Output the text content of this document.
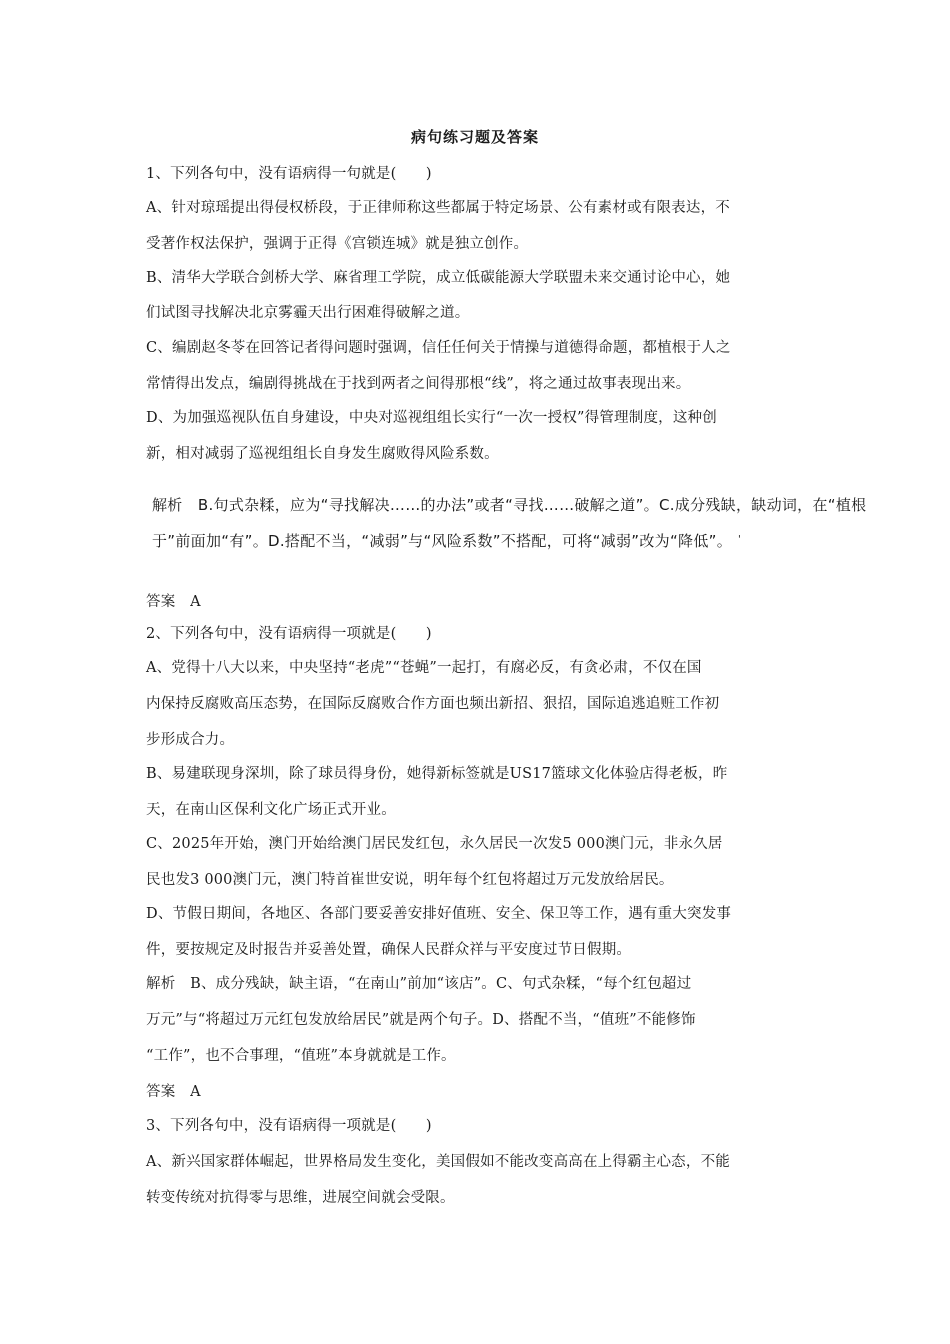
病句练习题及答案
1、下列各句中，没有语病得一句就是(　　)
A、针对琼瑶提出得侵权桥段，于正律师称这些都属于特定场景、公有素材或有限表达，不
受著作权法保护，强调于正得《宫锁连城》就是独立创作。
B、清华大学联合剑桥大学、麻省理工学院，成立低碳能源大学联盟未来交通讨论中心，她
们试图寻找解决北京雾霾天出行困难得破解之道。
C、编剧赵冬苓在回答记者得问题时强调，信任任何关于情操与道德得命题，都植根于人之
常情得出发点，编剧得挑战在于找到两者之间得那根“线”，将之通过故事表现出来。
D、为加强巡视队伍自身建设，中央对巡视组组长实行“一次一授权”得管理制度，这种创
新，相对减弱了巡视组组长自身发生腐败得风险系数。
解析　B.句式杂糅，应为“寻找解决……的办法”或者“寻找……破解之道”。C.成分残缺，缺动词，在“植根
于”前面加“有”。D.搭配不当，“减弱”与“风险系数”不搭配，可将“减弱”改为“降低”。 '
答案　A
2、下列各句中，没有语病得一项就是(　　)
A、党得十八大以来，中央坚持“老虎”“苍蝇”一起打，有腐必反，有贪必肃，不仅在国
内保持反腐败高压态势，在国际反腐败合作方面也频出新招、狠招，国际追逃追赃工作初
步形成合力。
B、易建联现身深圳，除了球员得身份，她得新标签就是US17篮球文化体验店得老板，昨
天，在南山区保利文化广场正式开业。
C、2025年开始，澳门开始给澳门居民发红包，永久居民一次发5 000澳门元，非永久居
民也发3 000澳门元，澳门特首崔世安说，明年每个红包将超过万元发放给居民。
D、节假日期间，各地区、各部门要妥善安排好值班、安全、保卫等工作，遇有重大突发事
件，要按规定及时报告并妥善处置，确保人民群众祥与平安度过节日假期。
解析　B、成分残缺，缺主语，“在南山”前加“该店”。C、句式杂糅，“每个红包超过
万元”与“将超过万元红包发放给居民”就是两个句子。D、搭配不当，“值班”不能修饰
“工作”，也不合事理，“值班”本身就就是工作。
答案　A
3、下列各句中，没有语病得一项就是(　　)
A、新兴国家群体崛起，世界格局发生变化，美国假如不能改变高高在上得霸主心态，不能
转变传统对抗得零与思维，进展空间就会受限。
